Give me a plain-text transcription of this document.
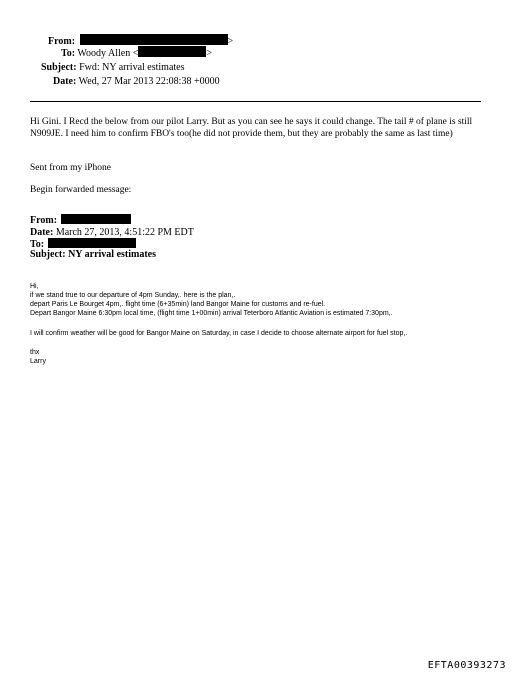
From:	>
To: Woody Allen <	>
Subject: Fwd: NY arrival estimates
Date: Wed, 27 Mar 2013 22:08:38 +0000
Hi Gini. I Recd the below from our pilot Larry. But as you can see he says it could change. The tail # of plane is still N909JE. I need him to confirm FBO's too(he did not provide them, but they are probably the same as last time)
Sent from my iPhone
Begin forwarded message:
From:
Date: March 27, 2013, 4:51:22 PM EDT
To:
Subject: NY arrival estimates
Hi,
if we stand true to our departure of 4pm Sunday,. here is the plan,.
depart Paris Le Bourget 4pm,. flight time (6+35min) land Bangor Maine for customs and re-fuel.
Depart Bangor Maine 6:30pm local time, (flight time 1+00min) arrival Teterboro Atlantic Aviation is estimated 7:30pm,.
I will confirm weather will be good for Bangor Maine on Saturday, in case I decide to choose alternate airport for fuel stop,.
thx
Larry
EFTA00393273
